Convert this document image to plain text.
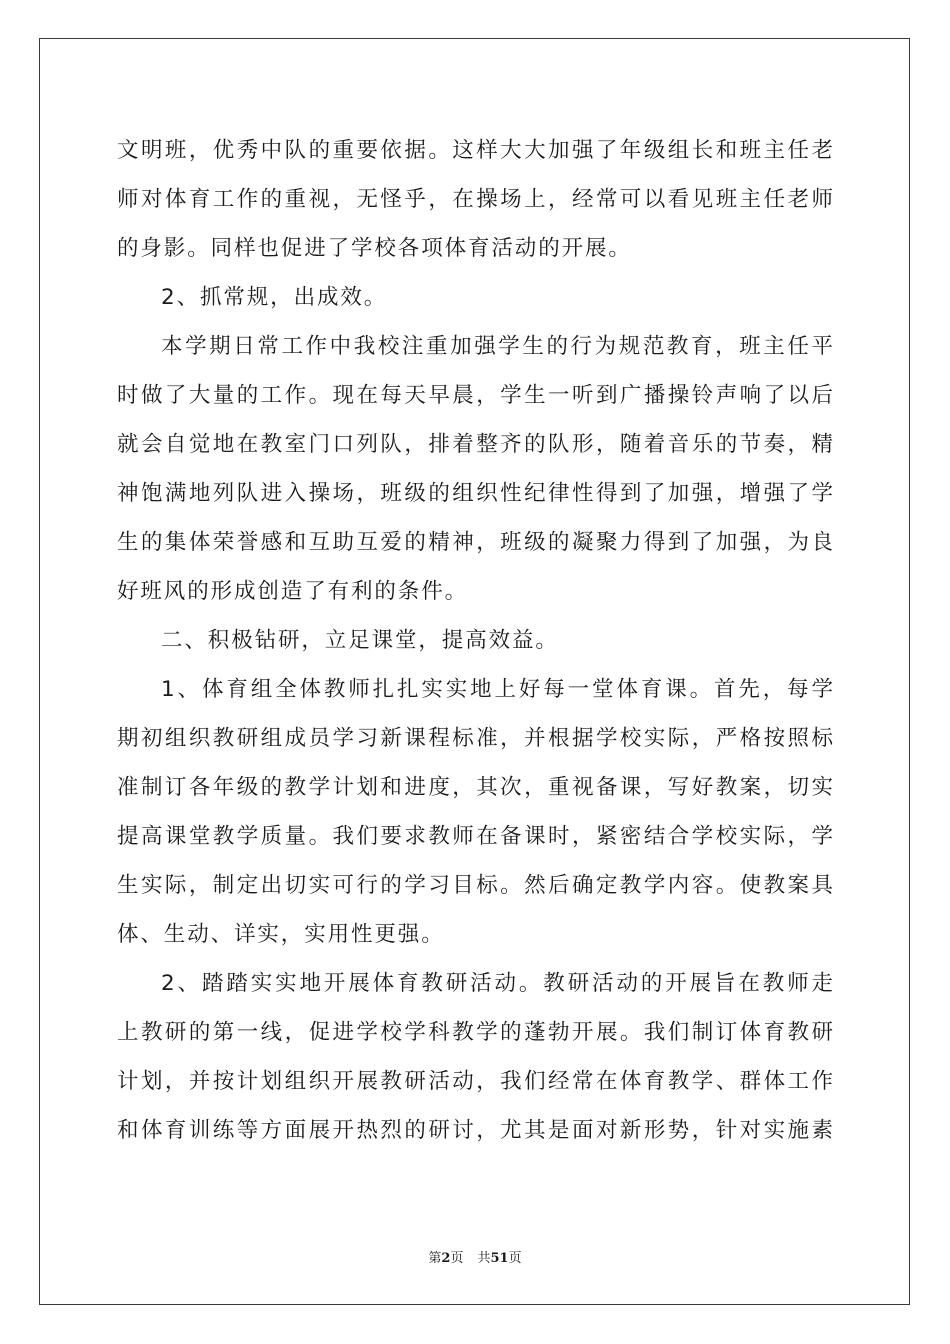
文明班，优秀中队的重要依据。这样大大加强了年级组长和班主任老
师对体育工作的重视，无怪乎，在操场上，经常可以看见班主任老师
的身影。同样也促进了学校各项体育活动的开展。
2、抓常规，出成效。
本学期日常工作中我校注重加强学生的行为规范教育，班主任平
时做了大量的工作。现在每天早晨，学生一听到广播操铃声响了以后
就会自觉地在教室门口列队，排着整齐的队形，随着音乐的节奏，精
神饱满地列队进入操场，班级的组织性纪律性得到了加强，增强了学
生的集体荣誉感和互助互爱的精神，班级的凝聚力得到了加强，为良
好班风的形成创造了有利的条件。
二、积极钻研，立足课堂，提高效益。
1、体育组全体教师扎扎实实地上好每一堂体育课。首先，每学
期初组织教研组成员学习新课程标准，并根据学校实际，严格按照标
准制订各年级的教学计划和进度，其次，重视备课，写好教案，切实
提高课堂教学质量。我们要求教师在备课时，紧密结合学校实际，学
生实际，制定出切实可行的学习目标。然后确定教学内容。使教案具
体、生动、详实，实用性更强。
2、踏踏实实地开展体育教研活动。教研活动的开展旨在教师走
上教研的第一线，促进学校学科教学的蓬勃开展。我们制订体育教研
计划，并按计划组织开展教研活动，我们经常在体育教学、群体工作
和体育训练等方面展开热烈的研讨，尤其是面对新形势，针对实施素
第2页 共51页
